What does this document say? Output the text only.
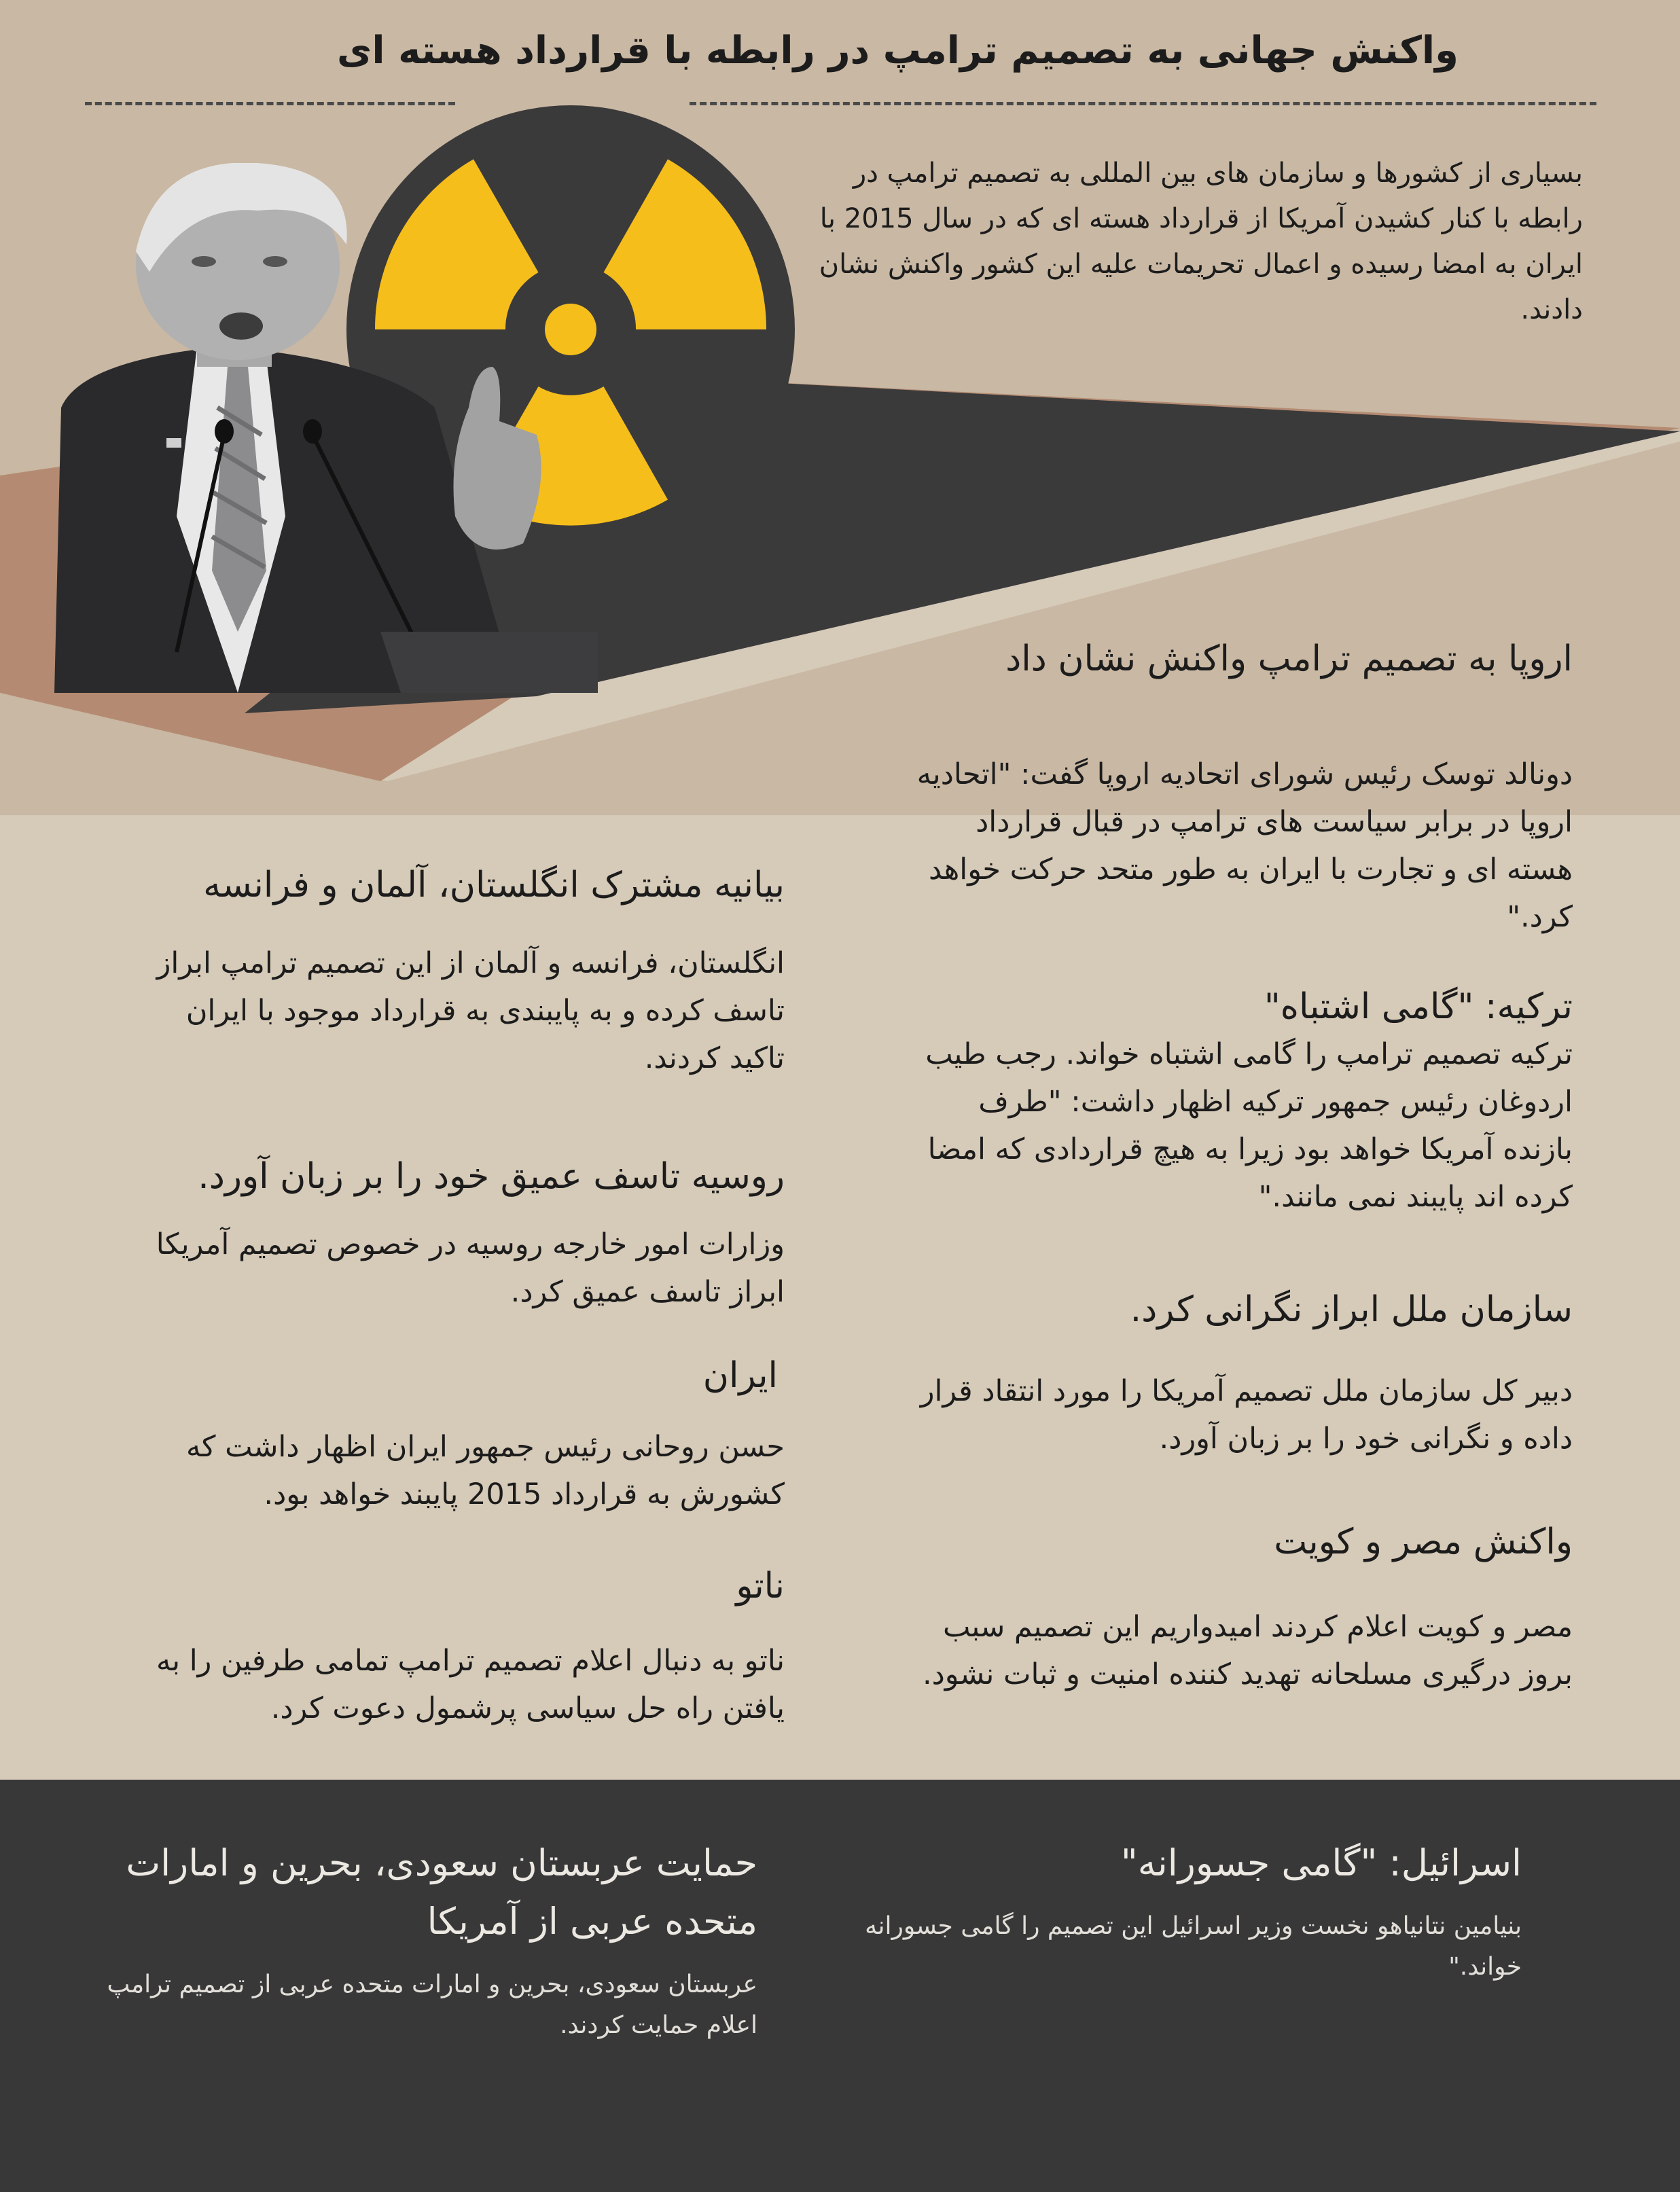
واکنش جهانی به تصمیم ترامپ در رابطه با قرارداد هسته ای
بسیاری از کشورها و سازمان های بین المللی به تصمیم ترامپ در رابطه با کنار کشیدن آمریکا از قرارداد هسته ای که در سال 2015 با ایران به امضا رسیده و اعمال تحریمات علیه این کشور واکنش نشان دادند.
اروپا به تصمیم ترامپ واکنش نشان داد

دونالد توسک رئیس شورای اتحادیه اروپا گفت: "اتحادیه اروپا در برابر سیاست های ترامپ در قبال قرارداد هسته ای و تجارت با ایران به طور متحد حرکت خواهد کرد."

ترکیه: "گامی اشتباه"

ترکیه تصمیم ترامپ را گامی اشتباه خواند. رجب طیب اردوغان رئیس جمهور ترکیه اظهار داشت: "طرف بازنده آمریکا خواهد بود زیرا به هیچ قراردادی که امضا کرده اند پایبند نمی مانند."

سازمان ملل ابراز نگرانی کرد.

دبیر کل سازمان ملل تصمیم آمریکا را مورد انتقاد قرار داده و نگرانی خود را بر زبان آورد.

واکنش مصر و کویت

مصر و کویت اعلام کردند امیدواریم این تصمیم سبب بروز درگیری مسلحانه تهدید کننده امنیت و ثبات نشود.

بیانیه مشترک انگلستان، آلمان و فرانسه

انگلستان، فرانسه و آلمان از این تصمیم ترامپ ابراز تاسف کرده و به پایبندی به قرارداد موجود با ایران تاکید کردند.

روسیه تاسف عمیق خود را بر زبان آورد.

وزارات امور خارجه روسیه در خصوص تصمیم آمریکا ابراز تاسف عمیق کرد.

ایران

حسن روحانی رئیس جمهور ایران اظهار داشت که کشورش به قرارداد 2015 پایبند خواهد بود.

ناتو

ناتو به دنبال اعلام تصمیم ترامپ تمامی طرفین را به یافتن راه حل سیاسی پرشمول دعوت کرد.

اسرائیل: "گامی جسورانه"

بنیامین نتانیاهو نخست وزیر اسرائیل این تصمیم را گامی جسورانه خواند."

حمایت عربستان سعودی، بحرین و امارات متحده عربی از آمریکا

عربستان سعودی، بحرین و امارات متحده عربی از تصمیم ترامپ اعلام حمایت کردند.
